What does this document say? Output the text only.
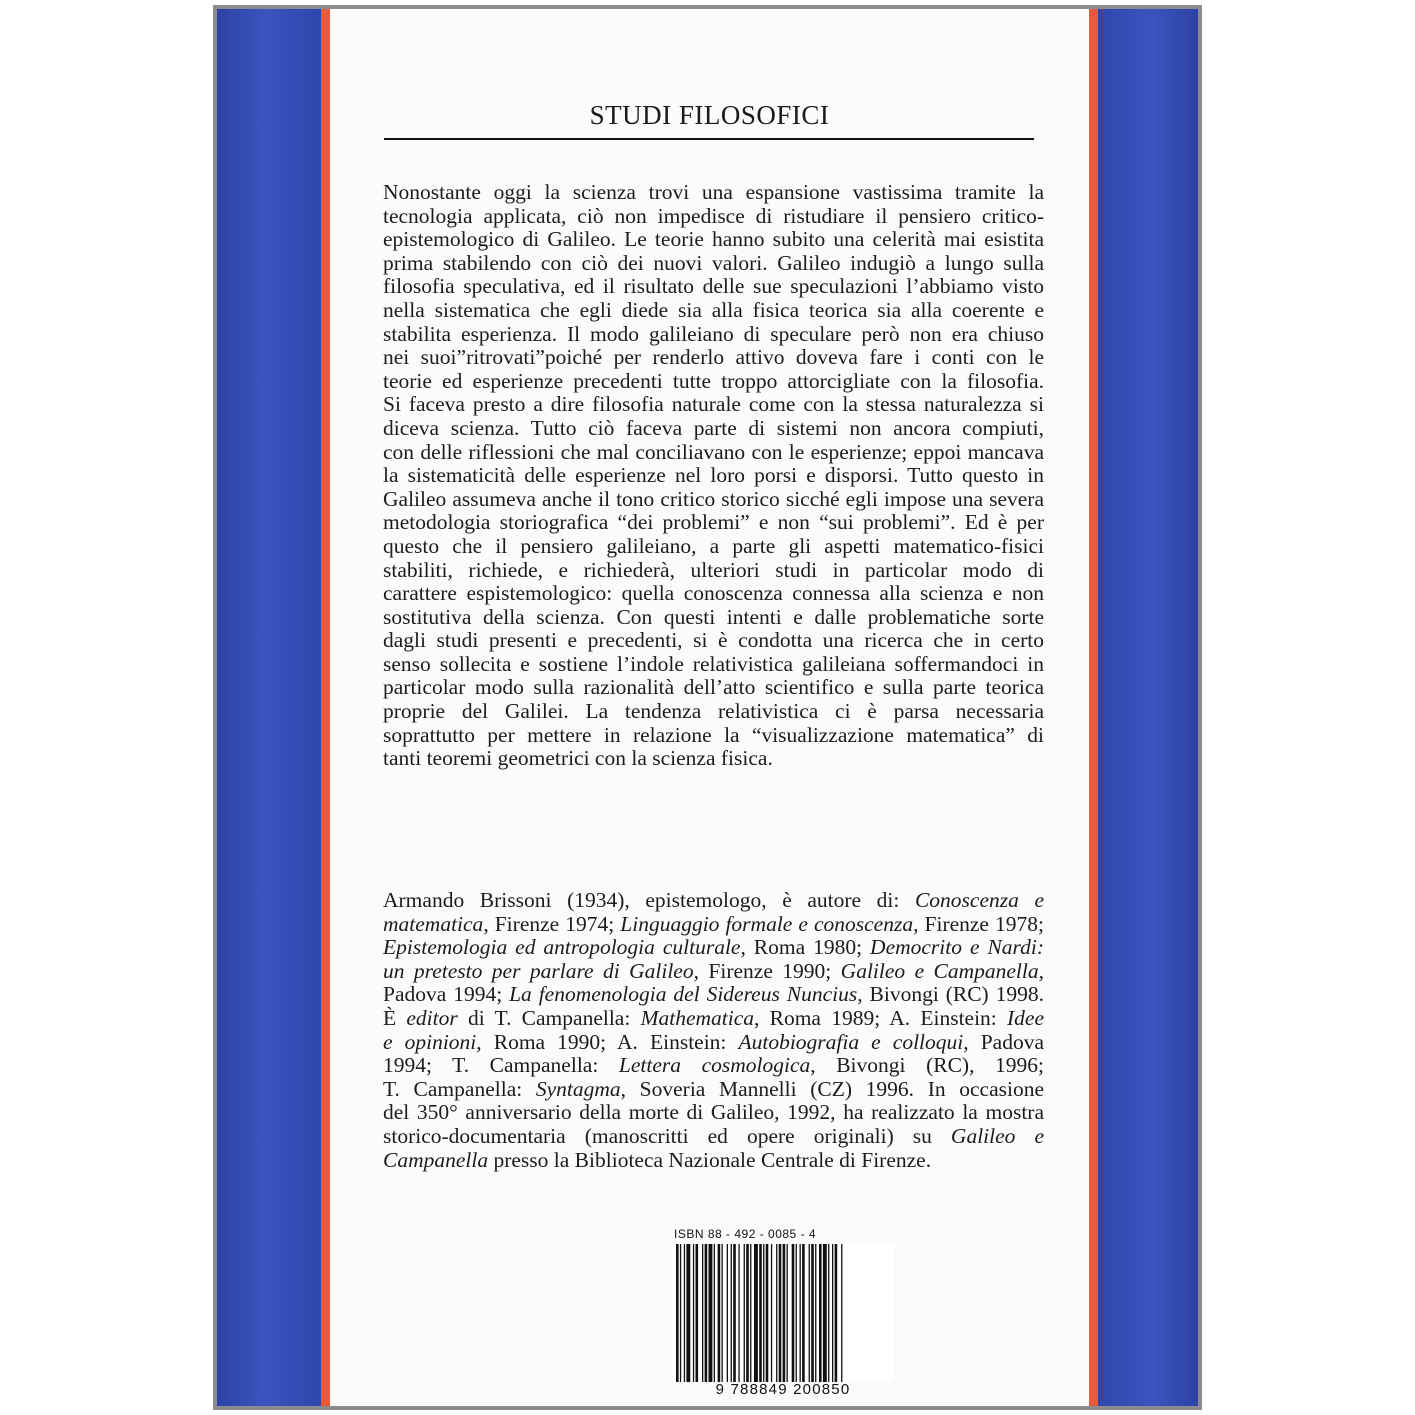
STUDI FILOSOFICI
Nonostante oggi la scienza trovi una espansione vastissima tramite la
tecnologia applicata, ciò non impedisce di ristudiare il pensiero critico-
epistemologico di Galileo. Le teorie hanno subito una celerità mai esistita
prima stabilendo con ciò dei nuovi valori. Galileo indugiò a lungo sulla
filosofia speculativa, ed il risultato delle sue speculazioni l’abbiamo visto
nella sistematica che egli diede sia alla fisica teorica sia alla coerente e
stabilita esperienza. Il modo galileiano di speculare però non era chiuso
nei suoi”ritrovati”poiché per renderlo attivo doveva fare i conti con le
teorie ed esperienze precedenti tutte troppo attorcigliate con la filosofia.
Si faceva presto a dire filosofia naturale come con la stessa naturalezza si
diceva scienza. Tutto ciò faceva parte di sistemi non ancora compiuti,
con delle riflessioni che mal conciliavano con le esperienze; eppoi mancava
la sistematicità delle esperienze nel loro porsi e disporsi. Tutto questo in
Galileo assumeva anche il tono critico storico sicché egli impose una severa
metodologia storiografica “dei problemi” e non “sui problemi”. Ed è per
questo che il pensiero galileiano, a parte gli aspetti matematico-fisici
stabiliti, richiede, e richiederà, ulteriori studi in particolar modo di
carattere espistemologico: quella conoscenza connessa alla scienza e non
sostitutiva della scienza. Con questi intenti e dalle problematiche sorte
dagli studi presenti e precedenti, si è condotta una ricerca che in certo
senso sollecita e sostiene l’indole relativistica galileiana soffermandoci in
particolar modo sulla razionalità dell’atto scientifico e sulla parte teorica
proprie del Galilei. La tendenza relativistica ci è parsa necessaria
soprattutto per mettere in relazione la “visualizzazione matematica” di
tanti teoremi geometrici con la scienza fisica.
Armando Brissoni (1934), epistemologo, è autore di: Conoscenza e
matematica, Firenze 1974; Linguaggio formale e conoscenza, Firenze 1978;
Epistemologia ed antropologia culturale, Roma 1980; Democrito e Nardi:
un pretesto per parlare di Galileo, Firenze 1990; Galileo e Campanella,
Padova 1994; La fenomenologia del Sidereus Nuncius, Bivongi (RC) 1998.
È editor di T. Campanella: Mathematica, Roma 1989; A. Einstein: Idee
e opinioni, Roma 1990; A. Einstein: Autobiografia e colloqui, Padova
1994; T. Campanella: Lettera cosmologica, Bivongi (RC), 1996;
T. Campanella: Syntagma, Soveria Mannelli (CZ) 1996. In occasione
del 350° anniversario della morte di Galileo, 1992, ha realizzato la mostra
storico-documentaria (manoscritti ed opere originali) su Galileo e
Campanella presso la Biblioteca Nazionale Centrale di Firenze.
ISBN 88 - 492 - 0085 - 4
9 788849 200850
